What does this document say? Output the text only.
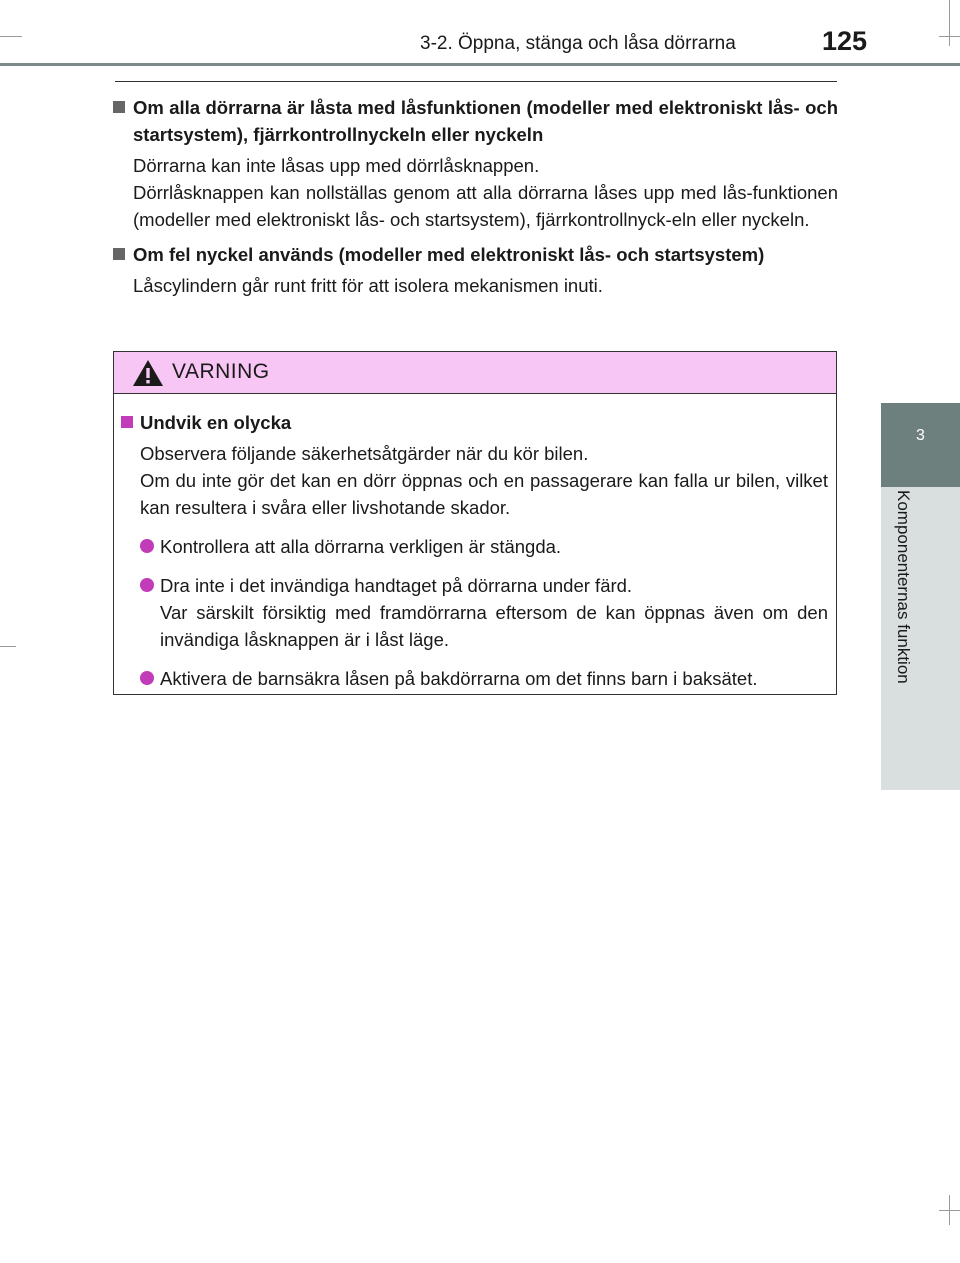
3-2. Öppna, stänga och låsa dörrarna	125
3
Komponenternas funktion
Om alla dörrarna är låsta med låsfunktionen (modeller med elektroniskt lås- och startsystem), fjärrkontrollnyckeln eller nyckeln

Dörrarna kan inte låsas upp med dörrlåsknappen.

Dörrlåsknappen kan nollställas genom att alla dörrarna låses upp med lås-funktionen (modeller med elektroniskt lås- och startsystem), fjärrkontrollnyck-eln eller nyckeln.

Om fel nyckel används (modeller med elektroniskt lås- och startsystem)

Låscylindern går runt fritt för att isolera mekanismen inuti.

VARNING
Undvik en olycka

Observera följande säkerhetsåtgärder när du kör bilen.

Om du inte gör det kan en dörr öppnas och en passagerare kan falla ur bilen, vilket kan resultera i svåra eller livshotande skador.

Kontrollera att alla dörrarna verkligen är stängda.

Dra inte i det invändiga handtaget på dörrarna under färd.

Var särskilt försiktig med framdörrarna eftersom de kan öppnas även om den invändiga låsknappen är i låst läge.

Aktivera de barnsäkra låsen på bakdörrarna om det finns barn i baksätet.
